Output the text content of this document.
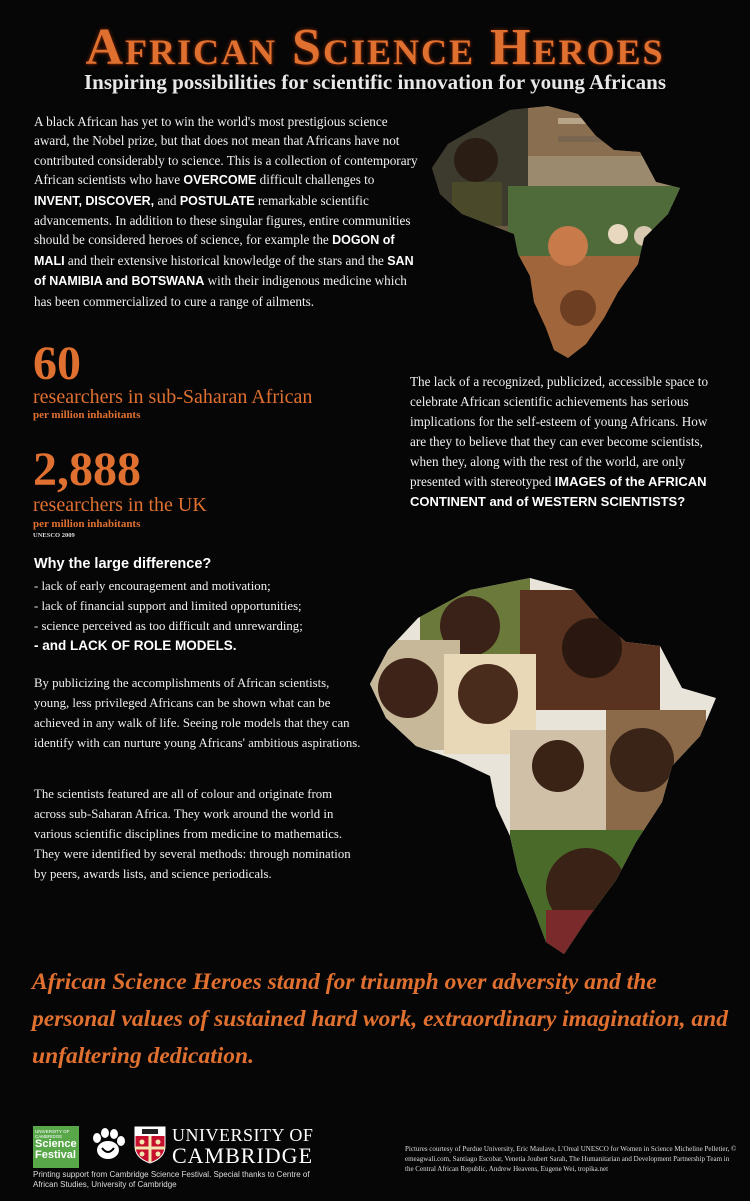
African Science Heroes
Inspiring possibilities for scientific innovation for young Africans

A black African has yet to win the world's most prestigious science award, the Nobel prize, but that does not mean that Africans have not contributed considerably to science. This is a collection of contemporary African scientists who have OVERCOME difficult challenges to INVENT, DISCOVER, and POSTULATE remarkable scientific advancements. In addition to these singular figures, entire communities should be considered heroes of science, for example the DOGON of MALI and their extensive historical knowledge of the stars and the SAN of NAMIBIA and BOTSWANA with their indigenous medicine which has been commercialized to cure a range of ailments.

60
researchers in sub-Saharan African
per million inhabitants
2,888
researchers in the UK
per million inhabitants
UNESCO 2009

The lack of a recognized, publicized, accessible space to celebrate African scientific achievements has serious implications for the self-esteem of young Africans. How are they to believe that they can ever become scientists, when they, along with the rest of the world, are only presented with stereotyped IMAGES of the AFRICAN CONTINENT and of WESTERN SCIENTISTS?

Why the large difference?
- lack of early encouragement and motivation;
- lack of financial support and limited opportunities;
- science perceived as too difficult and unrewarding;
- and LACK OF ROLE MODELS.

By publicizing the accomplishments of African scientists, young, less privileged Africans can be shown what can be achieved in any walk of life. Seeing role models that they can identify with can nurture young Africans' ambitious aspirations.

The scientists featured are all of colour and originate from across sub-Saharan Africa. They work around the world in various scientific disciplines from medicine to mathematics. They were identified by several methods: through nomination by peers, awards lists, and science periodicals.

African Science Heroes stand for triumph over adversity and the personal values of sustained hard work, extraordinary imagination, and unfaltering dedication.

UNIVERSITY OF CAMBRIDGE
Science Festival
UNIVERSITY OF
CAMBRIDGE

Printing support from Cambridge Science Festival. Special thanks to Centre of African Studies, University of Cambridge

Pictures courtesy of Purdue University, Eric Maulave, L'Oreal UNESCO for Women in Science Micheline Pelletier, © emeagwali.com, Santiago Escobar, Venetia Joubert Sarah, The Humanitarian and Development Partnership Team in the Central African Republic, Andrew Heavens, Eugene Wei, tropika.net
